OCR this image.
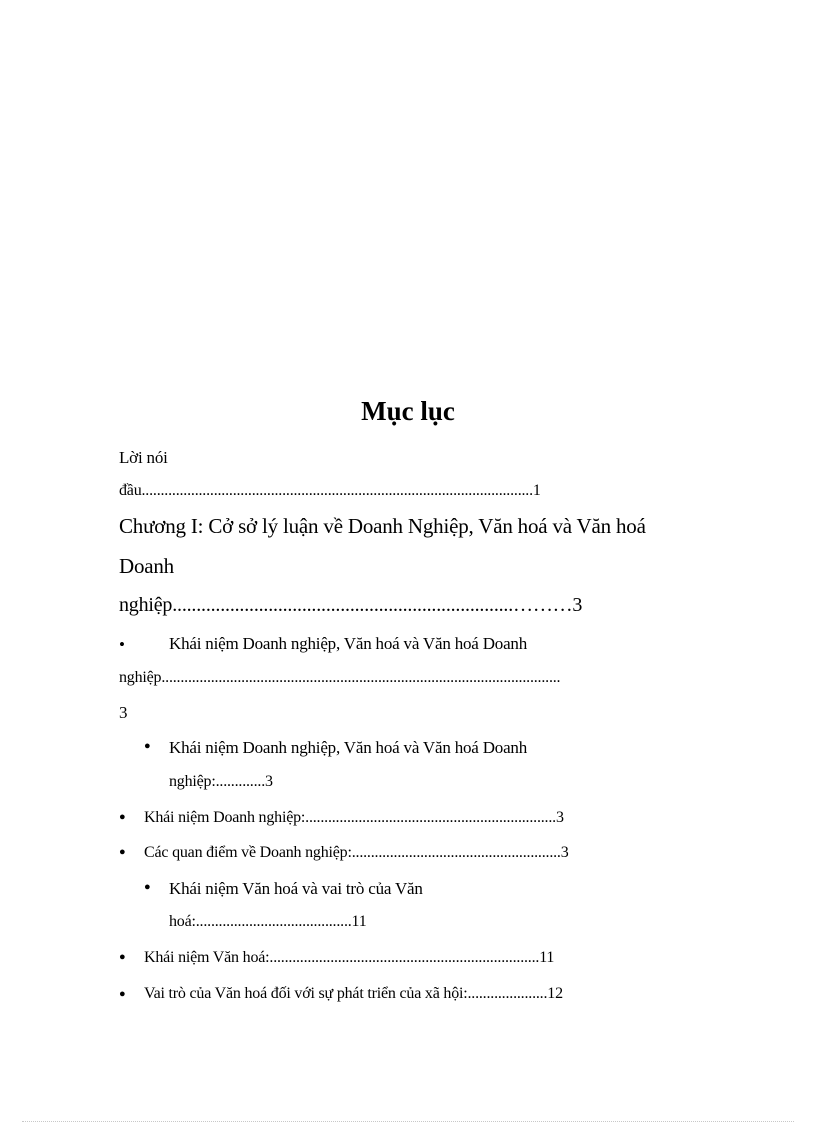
Mục lục
Lời nói
đầu.......................................................................................................1
Chương I: Cở sở lý luận về Doanh Nghiệp, Văn hoá và Văn hoá
Doanh
nghiệp.......................................................................………3
•	Khái niệm Doanh nghiệp, Văn hoá và Văn hoá Doanh
nghiệp.........................................................................................................
3
● Khái niệm Doanh nghiệp, Văn hoá và Văn hoá Doanh
nghiệp:.............3
● Khái niệm Doanh nghiệp:..................................................................3
● Các quan điểm về Doanh nghiệp:.......................................................3
● Khái niệm Văn hoá và vai trò của Văn
hoá:.........................................11
● Khái niệm Văn hoá:.......................................................................11
● Vai trò của Văn hoá đối với sự phát triển của xã hội:.....................12
